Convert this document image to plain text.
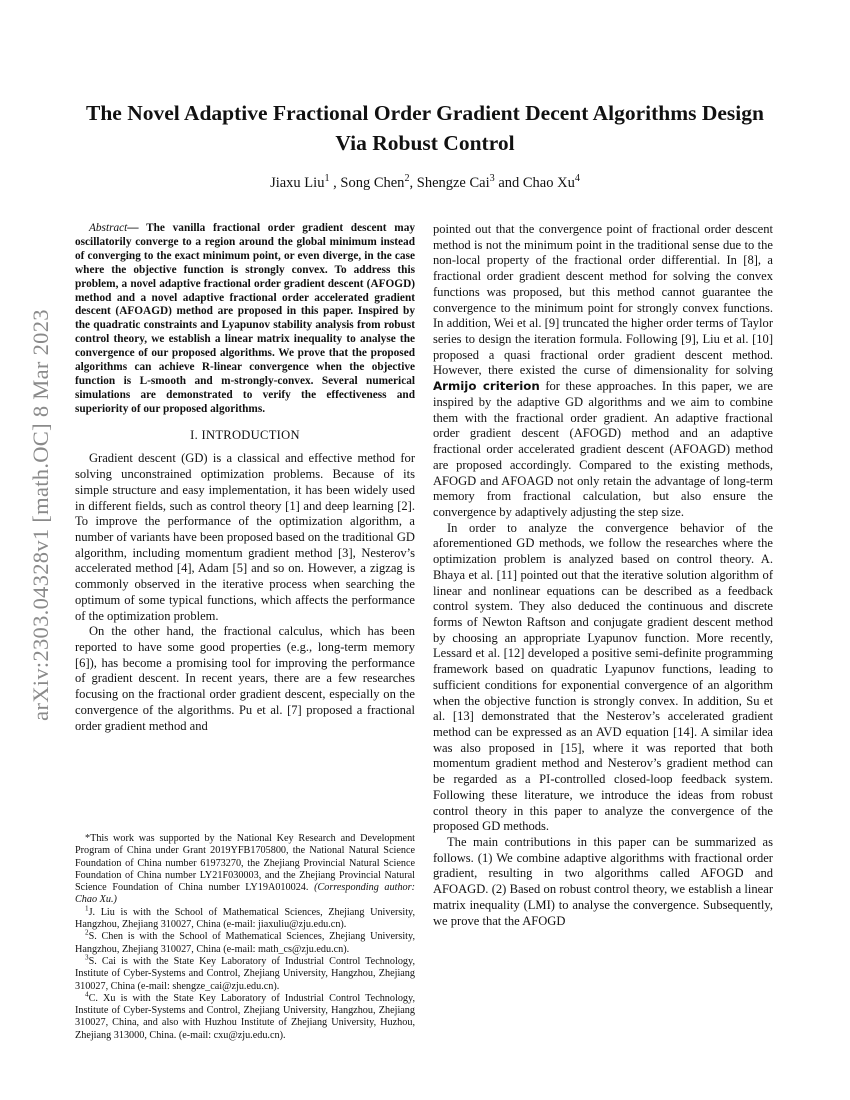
arXiv:2303.04328v1 [math.OC] 8 Mar 2023
The Novel Adaptive Fractional Order Gradient Decent Algorithms Design Via Robust Control
Jiaxu Liu$^1$ , Song Chen$^2$, Shengze Cai$^3$ and Chao Xu$^4$

Abstract— The vanilla fractional order gradient descent may oscillatorily converge to a region around the global minimum instead of converging to the exact minimum point, or even diverge, in the case where the objective function is strongly convex. To address this problem, a novel adaptive fractional order gradient descent (AFOGD) method and a novel adaptive fractional order accelerated gradient descent (AFOAGD) method are proposed in this paper. Inspired by the quadratic constraints and Lyapunov stability analysis from robust control theory, we establish a linear matrix inequality to analyse the convergence of our proposed algorithms. We prove that the proposed algorithms can achieve R-linear convergence when the objective function is L-smooth and m-strongly-convex. Several numerical simulations are demonstrated to verify the effectiveness and superiority of our proposed algorithms.

I. INTRODUCTION

Gradient descent (GD) is a classical and effective method for solving unconstrained optimization problems. Because of its simple structure and easy implementation, it has been widely used in different fields, such as control theory [1] and deep learning [2]. To improve the performance of the optimization algorithm, a number of variants have been proposed based on the traditional GD algorithm, including momentum gradient method [3], Nesterov’s accelerated method [4], Adam [5] and so on. However, a zigzag is commonly observed in the iterative process when searching the optimum of some typical functions, which affects the performance of the optimization problem.

On the other hand, the fractional calculus, which has been reported to have some good properties (e.g., long-term memory [6]), has become a promising tool for improving the performance of gradient descent. In recent years, there are a few researches focusing on the fractional order gradient descent, especially on the convergence of the algorithms. Pu et al. [7] proposed a fractional order gradient method and

*This work was supported by the National Key Research and Development Program of China under Grant 2019YFB1705800, the National Natural Science Foundation of China number 61973270, the Zhejiang Provincial Natural Science Foundation of China number LY21F030003, and the Zhejiang Provincial Natural Science Foundation of China number LY19A010024. (Corresponding author: Chao Xu.)

$^1$J. Liu is with the School of Mathematical Sciences, Zhejiang University, Hangzhou, Zhejiang 310027, China (e-mail: jiaxuliu@zju.edu.cn).

$^2$S. Chen is with the School of Mathematical Sciences, Zhejiang University, Hangzhou, Zhejiang 310027, China (e-mail: math_cs@zju.edu.cn).

$^3$S. Cai is with the State Key Laboratory of Industrial Control Technology, Institute of Cyber-Systems and Control, Zhejiang University, Hangzhou, Zhejiang 310027, China (e-mail: shengze_cai@zju.edu.cn).

$^4$C. Xu is with the State Key Laboratory of Industrial Control Technology, Institute of Cyber-Systems and Control, Zhejiang University, Hangzhou, Zhejiang 310027, China, and also with Huzhou Institute of Zhejiang University, Huzhou, Zhejiang 313000, China. (e-mail: cxu@zju.edu.cn).

pointed out that the convergence point of fractional order descent method is not the minimum point in the traditional sense due to the non-local property of the fractional order differential. In [8], a fractional order gradient descent method for solving the convex functions was proposed, but this method cannot guarantee the convergence to the minimum point for strongly convex functions. In addition, Wei et al. [9] truncated the higher order terms of Taylor series to design the iteration formula. Following [9], Liu et al. [10] proposed a quasi fractional order gradient descent method. However, there existed the curse of dimensionality for solving Armijo criterion for these approaches. In this paper, we are inspired by the adaptive GD algorithms and we aim to combine them with the fractional order gradient. An adaptive fractional order gradient descent (AFOGD) method and an adaptive fractional order accelerated gradient descent (AFOAGD) method are proposed accordingly. Compared to the existing methods, AFOGD and AFOAGD not only retain the advantage of long-term memory from fractional calculation, but also ensure the convergence by adaptively adjusting the step size.

In order to analyze the convergence behavior of the aforementioned GD methods, we follow the researches where the optimization problem is analyzed based on control theory. A. Bhaya et al. [11] pointed out that the iterative solution algorithm of linear and nonlinear equations can be described as a feedback control system. They also deduced the continuous and discrete forms of Newton Raftson and conjugate gradient descent method by choosing an appropriate Lyapunov function. More recently, Lessard et al. [12] developed a positive semi-definite programming framework based on quadratic Lyapunov functions, leading to sufficient conditions for exponential convergence of an algorithm when the objective function is strongly convex. In addition, Su et al. [13] demonstrated that the Nesterov’s accelerated gradient method can be expressed as an AVD equation [14]. A similar idea was also proposed in [15], where it was reported that both momentum gradient method and Nesterov’s gradient method can be regarded as a PI-controlled closed-loop feedback system. Following these literature, we introduce the ideas from robust control theory in this paper to analyze the convergence of the proposed GD methods.

The main contributions in this paper can be summarized as follows. (1) We combine adaptive algorithms with fractional order gradient, resulting in two algorithms called AFOGD and AFOAGD. (2) Based on robust control theory, we establish a linear matrix inequality (LMI) to analyse the convergence. Subsequently, we prove that the AFOGD
